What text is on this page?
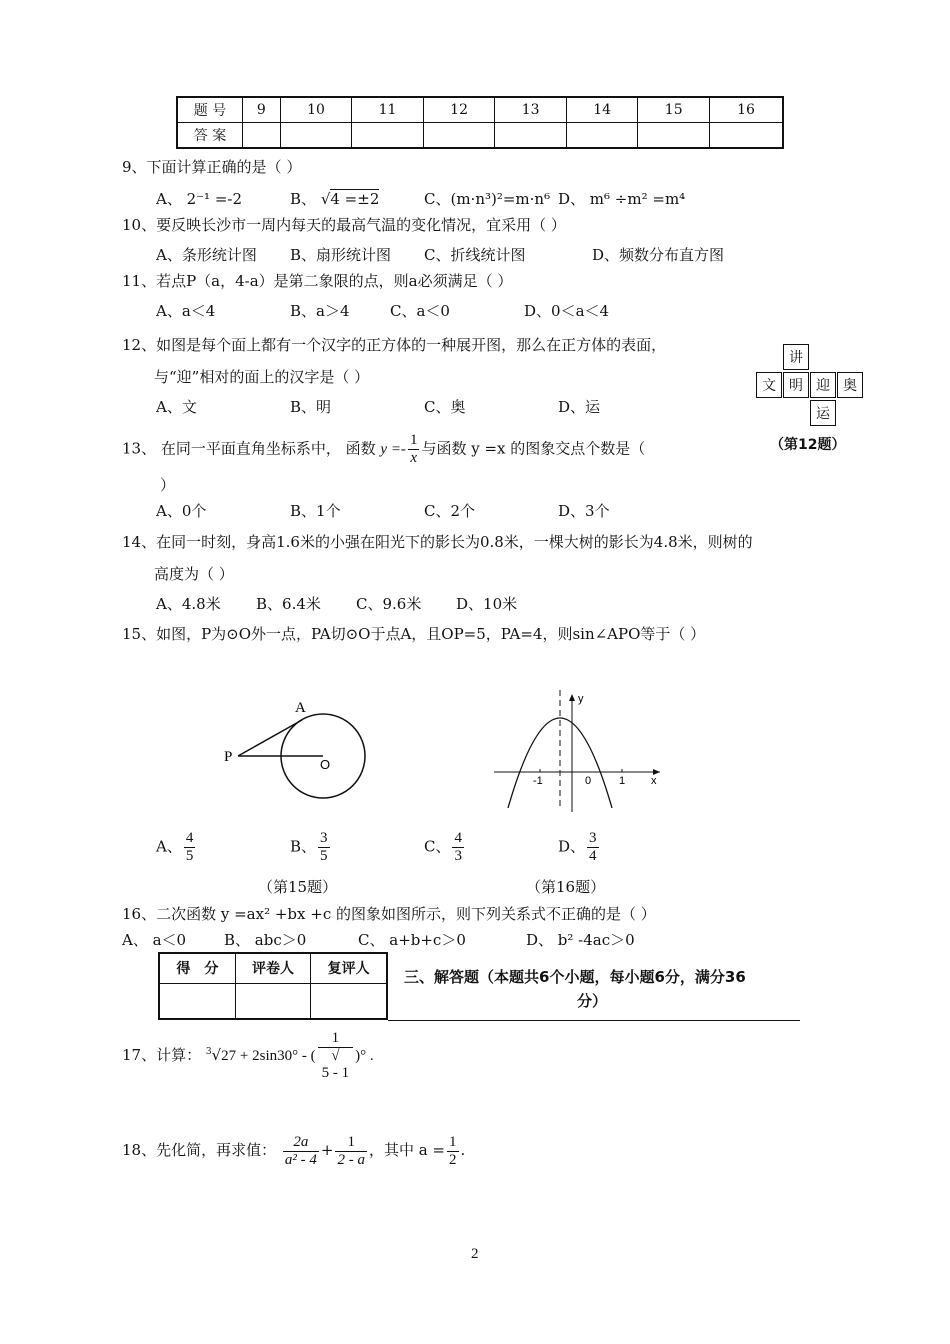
题 号	9	10	11	12	13	14	15	16
答 案								
9、下面计算正确的是（ ）
A、 2⁻¹ =-2	B、 √4 =±2	C、(m·n³)²=m·n⁶ D、 m⁶ ÷m² =m⁴
10、要反映长沙市一周内每天的最高气温的变化情况，宜采用（ ）
A、条形统计图 B、扇形统计图 C、折线统计图	D、频数分布直方图
11、若点P（a，4-a）是第二象限的点，则a必须满足（ ）
A、a＜4	B、a＞4	C、a＜0	D、0＜a＜4
12、如图是每个面上都有一个汉字的正方体的一种展开图，那么在正方体的表面，
与“迎”相对的面上的汉字是（ ）
A、文	B、明	C、奥	D、运
讲
文 明 迎 奥
运
（第12题）
13、 在同一平面直角坐标系中， 函数 $y =- \frac{1}{x}$ 与函数 y =x 的图象交点个数是（
）
A、0个	B、1个	C、2个	D、3个
14、在同一时刻，身高1.6米的小强在阳光下的影长为0.8米，一棵大树的影长为4.8米，则树的
高度为（ ）
A、4.8米 B、6.4米 C、9.6米 D、10米
15、如图，P为⊙O外一点，PA切⊙O于点A，且OP=5，PA=4，则sin∠APO等于（ ）
A
P	O
y
x
-1	0	1
A、 $\frac{4}{5}$	B、 $\frac{3}{5}$	C、 $\frac{4}{3}$	D、 $\frac{3}{4}$
（第15题）	（第16题）
16、二次函数 y =ax² +bx +c 的图象如图所示，则下列关系式不正确的是（ ）
A、 a＜0	B、 abc＞0	C、 a+b+c＞0	D、 b² -4ac＞0
得　分	评卷人	复评人
		三、解答题（本题共6个小题，每小题6分，满分36
分）
17、计算： $^3$√27 + 2sin30° - ( 1
√
5 - 1 )° .
18、先化简，再求值： $\frac{2a}{\text{a² - 4}} + \frac{1}{2 - a}$ ，其中 $a = \frac{1}{2}$ .
2
